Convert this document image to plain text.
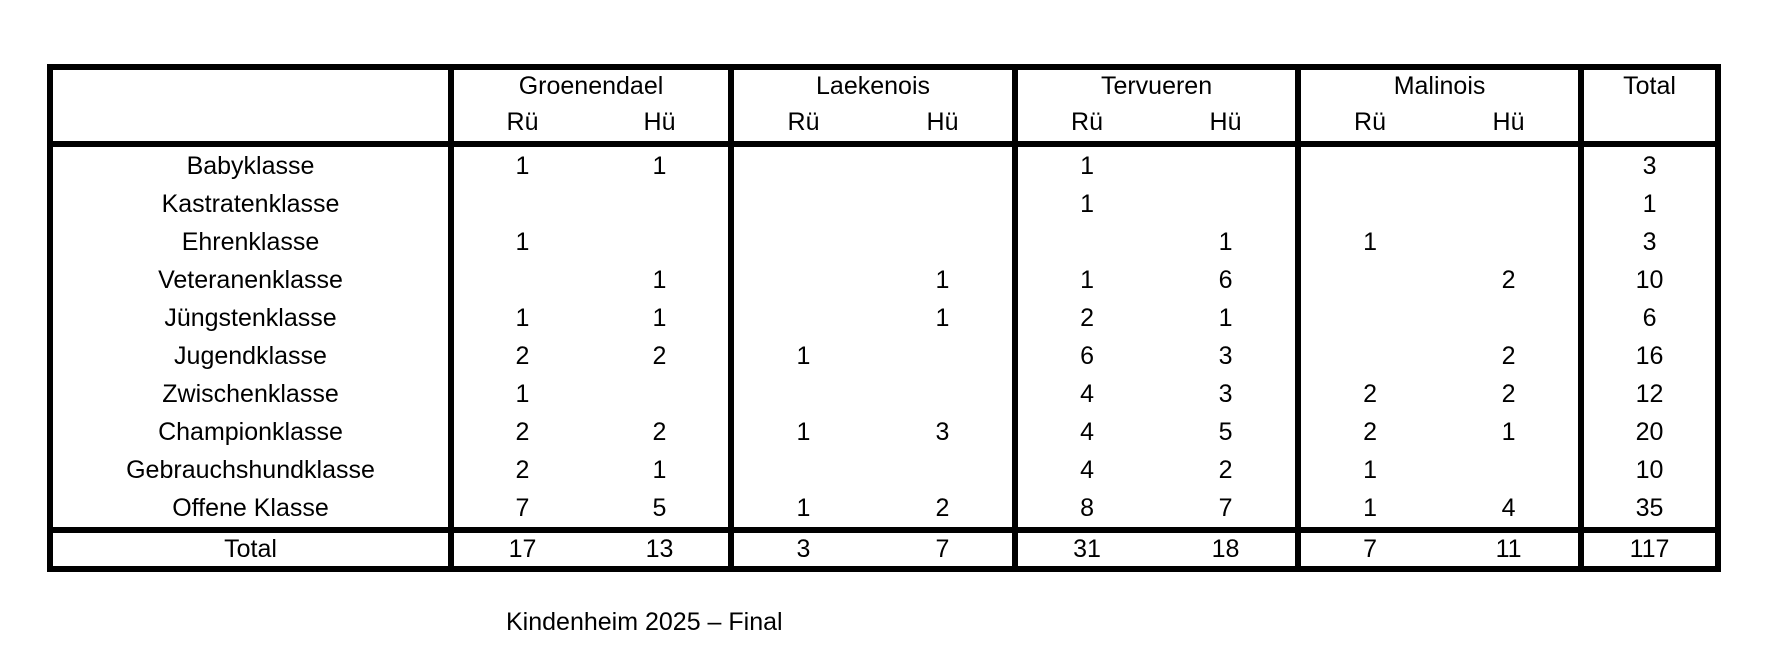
	Groenendael		Laekenois		Tervueren		Malinois		Total
	Rü	Hü	Rü	Hü	Rü	Hü	Rü	Hü	
Babyklasse	1	1			1				3
Kastratenklasse					1				1
Ehrenklasse	1					1	1		3
Veteranenklasse		1		1	1	6		2	10
Jüngstenklasse	1	1		1	2	1			6
Jugendklasse	2	2	1		6	3		2	16
Zwischenklasse	1				4	3	2	2	12
Championklasse	2	2	1	3	4	5	2	1	20
Gebrauchshundklasse	2	1			4	2	1		10
Offene Klasse	7	5	1	2	8	7	1	4	35
Total	17	13	3	7	31	18	7	11	117
Kindenheim 2025 – Final
